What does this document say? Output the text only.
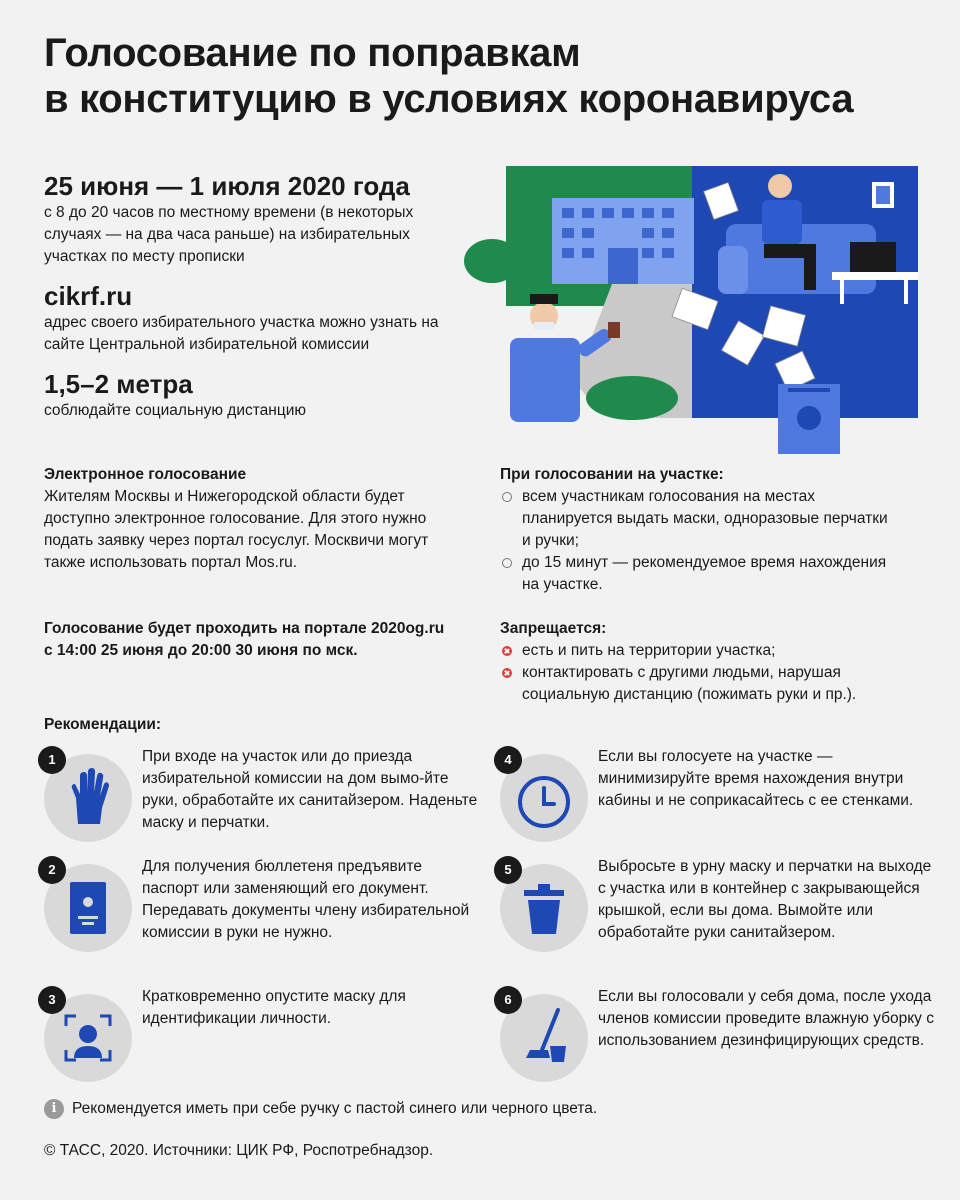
Голосование по поправкам
в конституцию в условиях коронавируса
25 июня — 1 июля 2020 года
с 8 до 20 часов по местному времени (в некоторых случаях — на два часа раньше) на избирательных участках по месту прописки
cikrf.ru
адрес своего избирательного участка можно узнать на сайте Центральной избирательной комиссии
1,5–2 метра
соблюдайте социальную дистанцию
Электронное голосование
Жителям Москвы и Нижегородской области будет доступно электронное голосование. Для этого нужно подать заявку через портал госуслуг. Москвичи могут также использовать портал Mos.ru.
Голосование будет проходить на портале 2020og.ru
с 14:00 25 июня до 20:00 30 июня по мск.
При голосовании на участке:
всем участникам голосования на местах планируется выдать маски, одноразовые перчатки и ручки;
до 15 минут — рекомендуемое время нахождения на участке.
Запрещается:
есть и пить на территории участка;
контактировать с другими людьми, нарушая социальную дистанцию (пожимать руки и пр.).
Рекомендации:
1	При входе на участок или до приезда избирательной комиссии на дом вымо-йте руки, обработайте их санитайзером. Наденьте маску и перчатки.
2	Для получения бюллетеня предъявите паспорт или заменяющий его документ. Передавать документы члену избирательной комиссии в руки не нужно.
3	Кратковременно опустите маску для идентификации личности.
4	Если вы голосуете на участке — минимизируйте время нахождения внутри кабины и не соприкасайтесь с ее стенками.
5	Выбросьте в урну маску и перчатки на выходе с участка или в контейнер с закрывающейся крышкой, если вы дома. Вымойте или обработайте руки санитайзером.
6	Если вы голосовали у себя дома, после ухода членов комиссии проведите влажную уборку с использованием дезинфицирующих средств.
i	Рекомендуется иметь при себе ручку с пастой синего или черного цвета.
© ТАСС, 2020. Источники: ЦИК РФ, Роспотребнадзор.
